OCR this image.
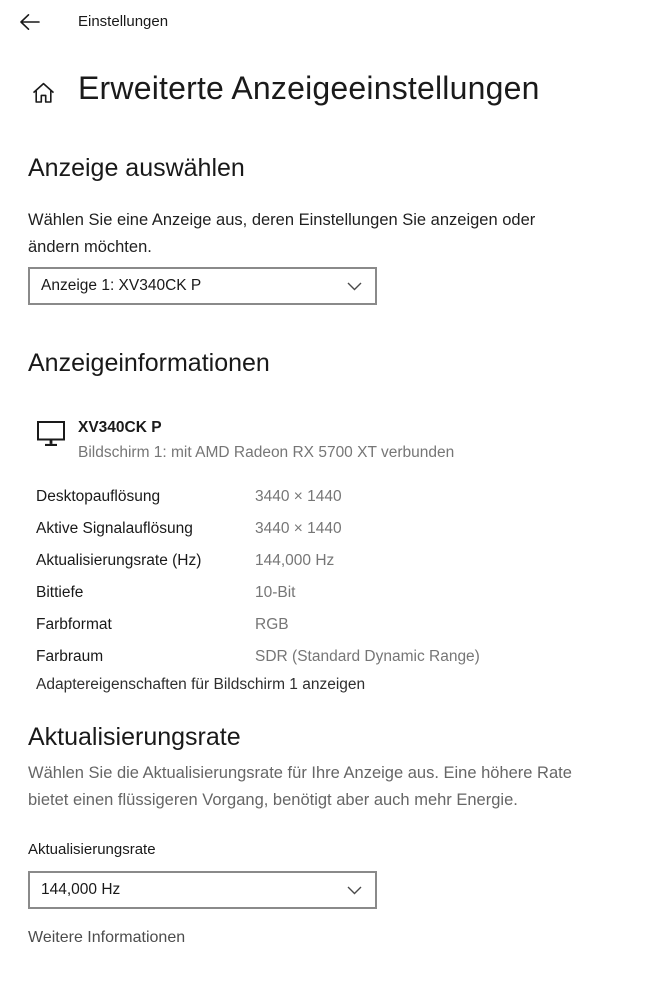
Einstellungen
Erweiterte Anzeigeeinstellungen
Anzeige auswählen
Wählen Sie eine Anzeige aus, deren Einstellungen Sie anzeigen oder ändern möchten.
Anzeige 1: XV340CK P
Anzeigeinformationen
XV340CK P
Bildschirm 1: mit AMD Radeon RX 5700 XT verbunden
Desktopauflösung	3440 × 1440
Aktive Signalauflösung	3440 × 1440
Aktualisierungsrate (Hz)	144,000 Hz
Bittiefe	10-Bit
Farbformat	RGB
Farbraum	SDR (Standard Dynamic Range)
Adaptereigenschaften für Bildschirm 1 anzeigen
Aktualisierungsrate
Wählen Sie die Aktualisierungsrate für Ihre Anzeige aus. Eine höhere Rate bietet einen flüssigeren Vorgang, benötigt aber auch mehr Energie.
Aktualisierungsrate
144,000 Hz
Weitere Informationen
